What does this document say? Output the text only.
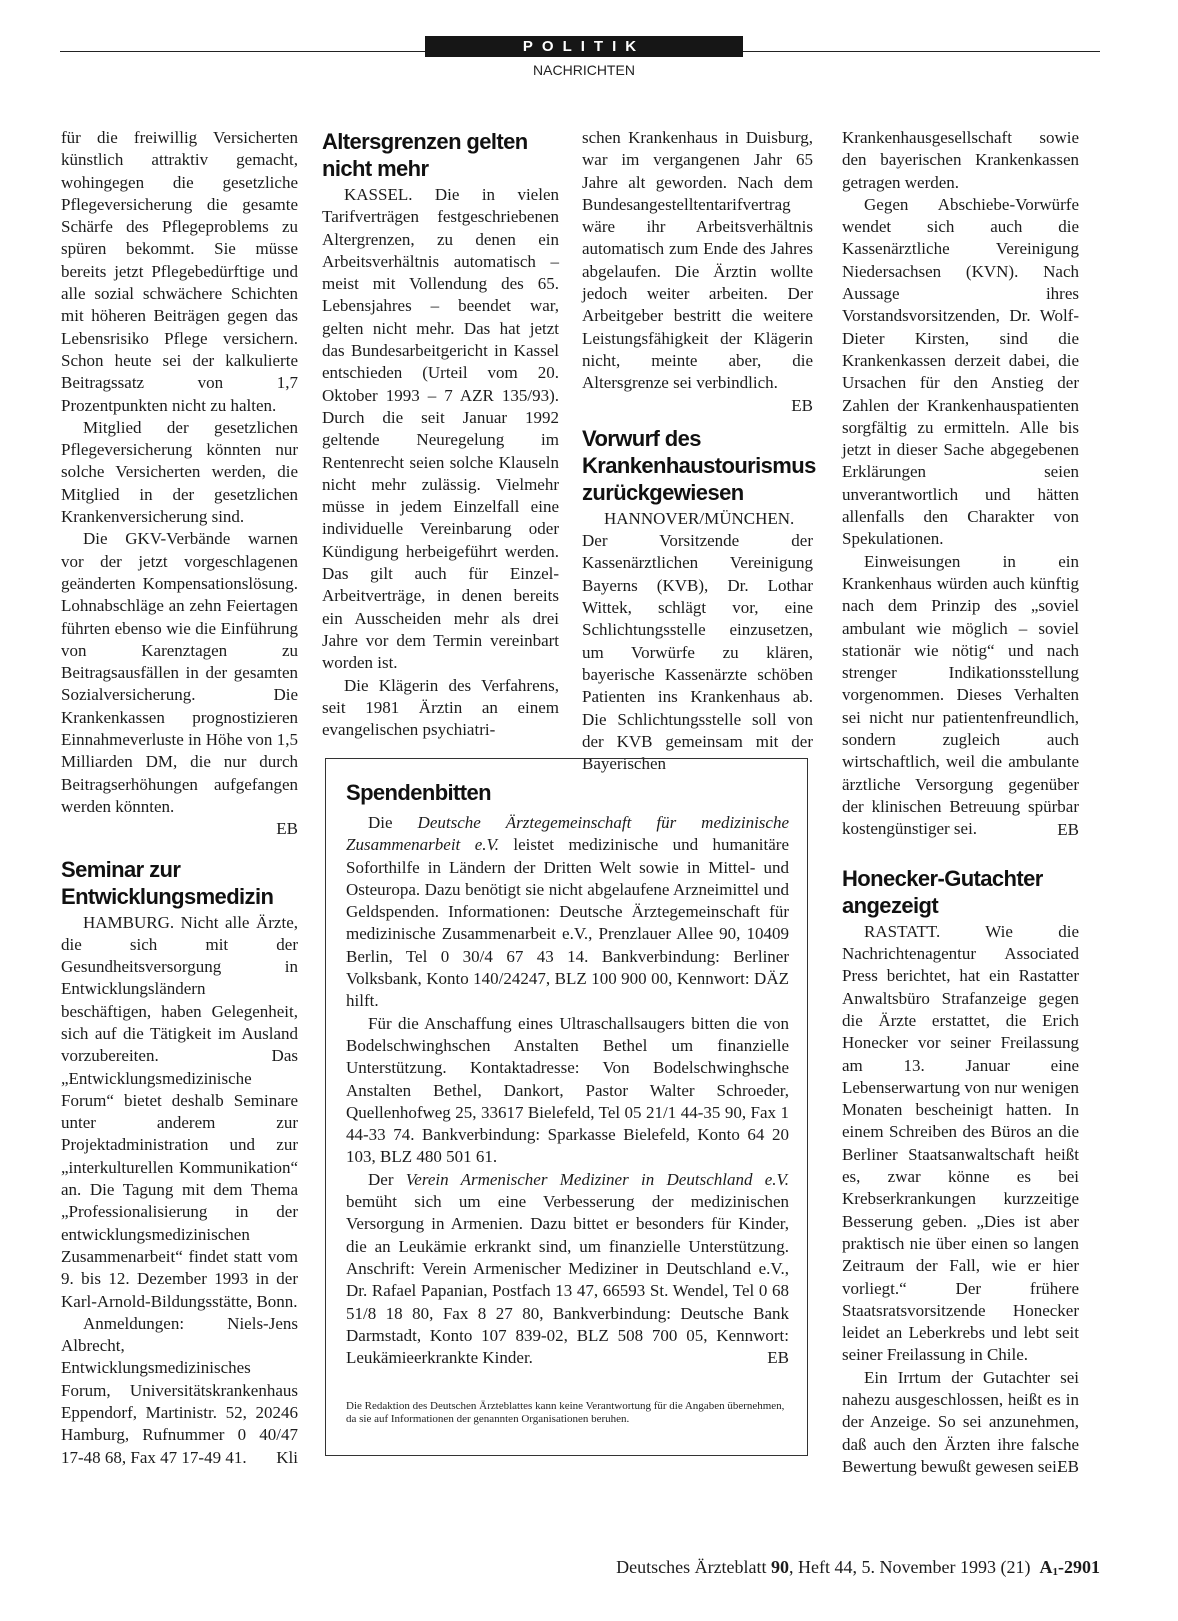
POLITIK
NACHRICHTEN

für die freiwillig Versicherten künstlich attraktiv gemacht, wohingegen die gesetzliche Pflegeversicherung die gesamte Schärfe des Pflegeproblems zu spüren bekommt. Sie müsse bereits jetzt Pflegebedürftige und alle sozial schwächere Schichten mit höheren Beiträgen gegen das Lebensrisiko Pflege versichern. Schon heute sei der kalkulierte Beitragssatz von 1,7 Prozentpunkten nicht zu halten.

Mitglied der gesetzlichen Pflegeversicherung könnten nur solche Versicherten werden, die Mitglied in der gesetzlichen Krankenversicherung sind.

Die GKV-Verbände warnen vor der jetzt vorgeschlagenen geänderten Kompensationslösung. Lohnabschläge an zehn Feiertagen führten ebenso wie die Einführung von Karenztagen zu Beitragsausfällen in der gesamten Sozialversicherung. Die Krankenkassen prognostizieren Einnahmeverluste in Höhe von 1,5 Milliarden DM, die nur durch Beitragserhöhungen aufgefangen werden könnten.

EB
Seminar zur Entwicklungsmedizin

HAMBURG. Nicht alle Ärzte, die sich mit der Gesundheitsversorgung in Entwicklungsländern beschäftigen, haben Gelegenheit, sich auf die Tätigkeit im Ausland vorzubereiten. Das „Entwicklungsmedizinische Forum“ bietet deshalb Seminare unter anderem zur Projektadministration und zur „interkulturellen Kommunikation“ an. Die Tagung mit dem Thema „Professionalisierung in der entwicklungsmedizinischen Zusammenarbeit“ findet statt vom 9. bis 12. Dezember 1993 in der Karl-Arnold-Bildungsstätte, Bonn.

Anmeldungen: Niels-Jens Albrecht, Entwicklungsmedizinisches Forum, Universitätskrankenhaus Eppendorf, Martinistr. 52, 20246 Hamburg, Rufnummer 0 40/47 17-48 68, Fax 47 17-49 41.	Kli
Altersgrenzen gelten nicht mehr

KASSEL. Die in vielen Tarifverträgen festgeschriebenen Altergrenzen, zu denen ein Arbeitsverhältnis automatisch – meist mit Vollendung des 65. Lebensjahres – beendet war, gelten nicht mehr. Das hat jetzt das Bundesarbeitgericht in Kassel entschieden (Urteil vom 20. Oktober 1993 – 7 AZR 135/93). Durch die seit Januar 1992 geltende Neuregelung im Rentenrecht seien solche Klauseln nicht mehr zulässig. Vielmehr müsse in jedem Einzelfall eine individuelle Vereinbarung oder Kündigung herbeigeführt werden. Das gilt auch für Einzel-Arbeitverträge, in denen bereits ein Ausscheiden mehr als drei Jahre vor dem Termin vereinbart worden ist.

Die Klägerin des Verfahrens, seit 1981 Ärztin an einem evangelischen psychiatri-

schen Krankenhaus in Duisburg, war im vergangenen Jahr 65 Jahre alt geworden. Nach dem Bundesangestelltentarifvertrag wäre ihr Arbeitsverhältnis automatisch zum Ende des Jahres abgelaufen. Die Ärztin wollte jedoch weiter arbeiten. Der Arbeitgeber bestritt die weitere Leistungsfähigkeit der Klägerin nicht, meinte aber, die Altersgrenze sei verbindlich.

EB
Vorwurf des Krankenhaustourismus zurückgewiesen

HANNOVER/MÜNCHEN. Der Vorsitzende der Kassenärztlichen Vereinigung Bayerns (KVB), Dr. Lothar Wittek, schlägt vor, eine Schlichtungsstelle einzusetzen, um Vorwürfe zu klären, bayerische Kassenärzte schöben Patienten ins Krankenhaus ab. Die Schlichtungsstelle soll von der KVB gemeinsam mit der Bayerischen

Krankenhausgesellschaft sowie den bayerischen Krankenkassen getragen werden.

Gegen Abschiebe-Vorwürfe wendet sich auch die Kassenärztliche Vereinigung Niedersachsen (KVN). Nach Aussage ihres Vorstandsvorsitzenden, Dr. Wolf-Dieter Kirsten, sind die Krankenkassen derzeit dabei, die Ursachen für den Anstieg der Zahlen der Krankenhauspatienten sorgfältig zu ermitteln. Alle bis jetzt in dieser Sache abgegebenen Erklärungen seien unverantwortlich und hätten allenfalls den Charakter von Spekulationen.

Einweisungen in ein Krankenhaus würden auch künftig nach dem Prinzip des „soviel ambulant wie möglich – soviel stationär wie nötig“ und nach strenger Indikationsstellung vorgenommen. Dieses Verhalten sei nicht nur patientenfreundlich, sondern zugleich auch wirtschaftlich, weil die ambulante ärztliche Versorgung gegenüber der klinischen Betreuung spürbar kostengünstiger sei.	EB
Honecker-Gutachter angezeigt

RASTATT. Wie die Nachrichtenagentur Associated Press berichtet, hat ein Rastatter Anwaltsbüro Strafanzeige gegen die Ärzte erstattet, die Erich Honecker vor seiner Freilassung am 13. Januar eine Lebenserwartung von nur wenigen Monaten bescheinigt hatten. In einem Schreiben des Büros an die Berliner Staatsanwaltschaft heißt es, zwar könne es bei Krebserkrankungen kurzzeitige Besserung geben. „Dies ist aber praktisch nie über einen so langen Zeitraum der Fall, wie er hier vorliegt.“ Der frühere Staatsratsvorsitzende Honecker leidet an Leberkrebs und lebt seit seiner Freilassung in Chile.

Ein Irrtum der Gutachter sei nahezu ausgeschlossen, heißt es in der Anzeige. So sei anzunehmen, daß auch den Ärzten ihre falsche Bewertung bewußt gewesen sei.

EB
Spendenbitten

Die Deutsche Ärztegemeinschaft für medizinische Zusammenarbeit e.V. leistet medizinische und humanitäre Soforthilfe in Ländern der Dritten Welt sowie in Mittel- und Osteuropa. Dazu benötigt sie nicht abgelaufene Arzneimittel und Geldspenden. Informationen: Deutsche Ärztegemeinschaft für medizinische Zusammenarbeit e.V., Prenzlauer Allee 90, 10409 Berlin, Tel 0 30/4 67 43 14. Bankverbindung: Berliner Volksbank, Konto 140/24247, BLZ 100 900 00, Kennwort: DÄZ hilft.

Für die Anschaffung eines Ultraschallsaugers bitten die von Bodelschwinghschen Anstalten Bethel um finanzielle Unterstützung. Kontaktadresse: Von Bodelschwinghsche Anstalten Bethel, Dankort, Pastor Walter Schroeder, Quellenhofweg 25, 33617 Bielefeld, Tel 05 21/1 44-35 90, Fax 1 44-33 74. Bankverbindung: Sparkasse Bielefeld, Konto 64 20 103, BLZ 480 501 61.

Der Verein Armenischer Mediziner in Deutschland e.V. bemüht sich um eine Verbesserung der medizinischen Versorgung in Armenien. Dazu bittet er besonders für Kinder, die an Leukämie erkrankt sind, um finanzielle Unterstützung. Anschrift: Verein Armenischer Mediziner in Deutschland e.V., Dr. Rafael Papanian, Postfach 13 47, 66593 St. Wendel, Tel 0 68 51/8 18 80, Fax 8 27 80, Bankverbindung: Deutsche Bank Darmstadt, Konto 107 839-02, BLZ 508 700 05, Kennwort: Leukämieerkrankte Kinder.	EB
Die Redaktion des Deutschen Ärzteblattes kann keine Verantwortung für die Angaben übernehmen, da sie auf Informationen der genannten Organisationen beruhen.
Deutsches Ärzteblatt 90, Heft 44, 5. November 1993 (21) A1-2901
